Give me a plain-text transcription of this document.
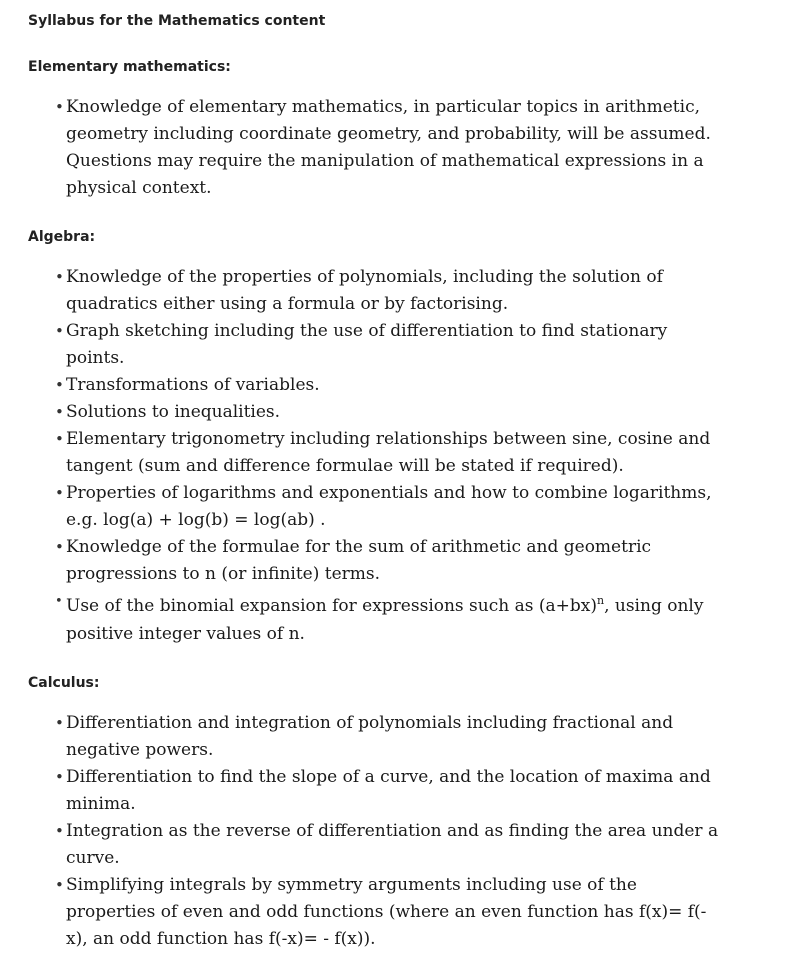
Syllabus for the Mathematics content
Elementary mathematics:
• Knowledge of elementary mathematics, in particular topics in arithmetic,
geometry including coordinate geometry, and probability, will be assumed.
Questions may require the manipulation of mathematical expressions in a
physical context.
Algebra:
• Knowledge of the properties of polynomials, including the solution of
quadratics either using a formula or by factorising.
• Graph sketching including the use of differentiation to find stationary
points.
• Transformations of variables.
• Solutions to inequalities.
• Elementary trigonometry including relationships between sine, cosine and
tangent (sum and difference formulae will be stated if required).
• Properties of logarithms and exponentials and how to combine logarithms,
e.g. log(a) + log(b) = log(ab) .
• Knowledge of the formulae for the sum of arithmetic and geometric
progressions to n (or infinite) terms.
• Use of the binomial expansion for expressions such as $(a+bx)^n$, using only
positive integer values of n.
Calculus:
• Differentiation and integration of polynomials including fractional and
negative powers.
• Differentiation to find the slope of a curve, and the location of maxima and
minima.
• Integration as the reverse of differentiation and as finding the area under a
curve.
• Simplifying integrals by symmetry arguments including use of the
properties of even and odd functions (where an even function has f(x)= f(-
x), an odd function has f(-x)= - f(x)).
